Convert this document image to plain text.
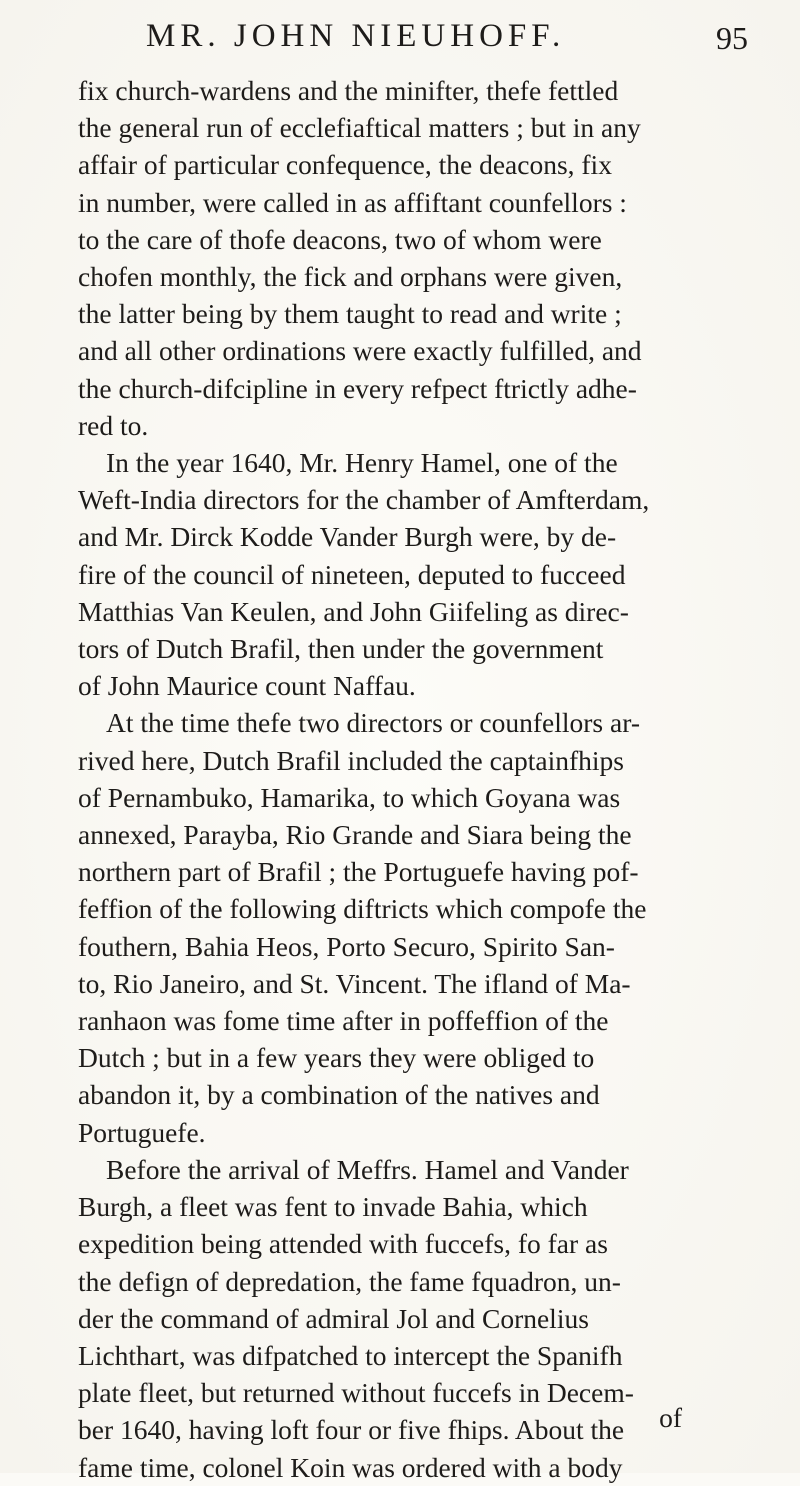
MR. JOHN NIEUHOFF.	95
fix church-wardens and the minifter, thefe fettled
the general run of ecclefiaftical matters ; but in any
affair of particular confequence, the deacons, fix
in number, were called in as affiftant counfellors :
to the care of thofe deacons, two of whom were
chofen monthly, the fick and orphans were given,
the latter being by them taught to read and write ;
and all other ordinations were exactly fulfilled, and
the church-difcipline in every refpect ftrictly adhe-
red to.
In the year 1640, Mr. Henry Hamel, one of the
Weft-India directors for the chamber of Amfterdam,
and Mr. Dirck Kodde Vander Burgh were, by de-
fire of the council of nineteen, deputed to fucceed
Matthias Van Keulen, and John Giifeling as direc-
tors of Dutch Brafil, then under the government
of John Maurice count Naffau.
At the time thefe two directors or counfellors ar-
rived here, Dutch Brafil included the captainfhips
of Pernambuko, Hamarika, to which Goyana was
annexed, Parayba, Rio Grande and Siara being the
northern part of Brafil ; the Portuguefe having pof-
feffion of the following diftricts which compofe the
fouthern, Bahia Heos, Porto Securo, Spirito San-
to, Rio Janeiro, and St. Vincent. The ifland of Ma-
ranhaon was fome time after in poffeffion of the
Dutch ; but in a few years they were obliged to
abandon it, by a combination of the natives and
Portuguefe.
Before the arrival of Meffrs. Hamel and Vander
Burgh, a fleet was fent to invade Bahia, which
expedition being attended with fuccefs, fo far as
the defign of depredation, the fame fquadron, un-
der the command of admiral Jol and Cornelius
Lichthart, was difpatched to intercept the Spanifh
plate fleet, but returned without fuccefs in Decem-
ber 1640, having loft four or five fhips. About the
fame time, colonel Koin was ordered with a body
of
